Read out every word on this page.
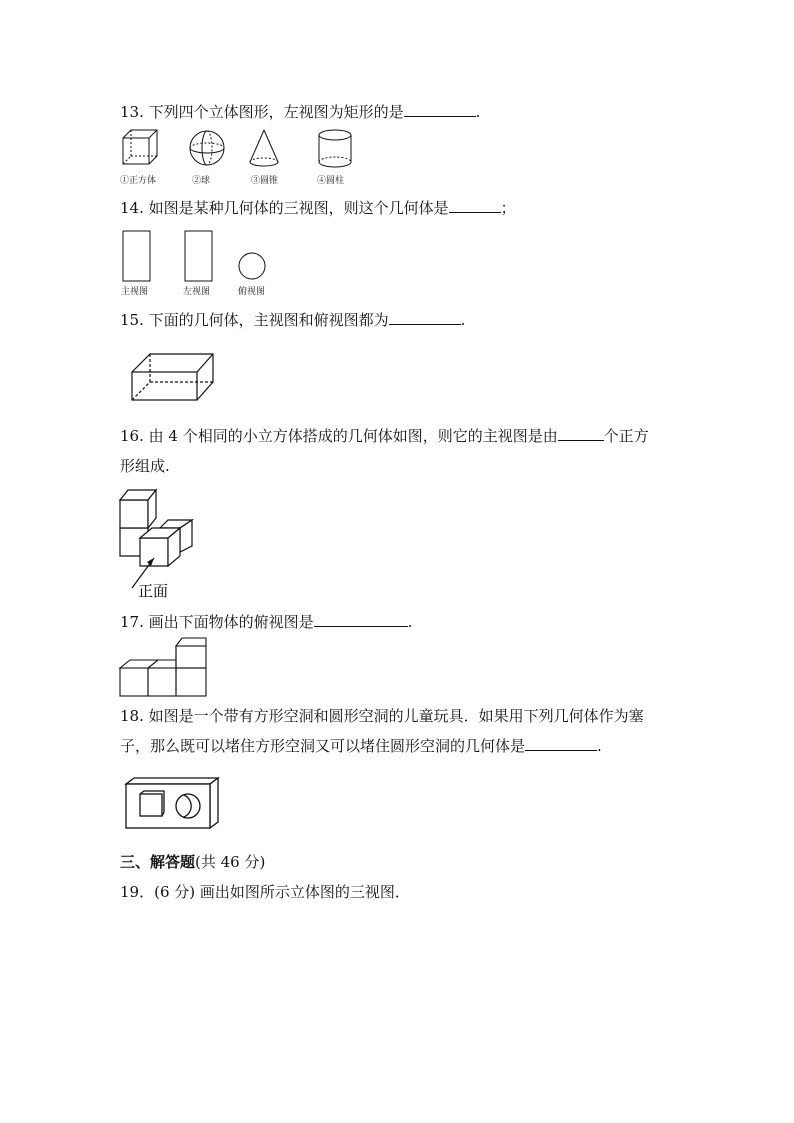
13. 下列四个立体图形，左视图为矩形的是	.
①正方体	②球	③圆锥	④圆柱
14. 如图是某种几何体的三视图，则这个几何体是	；
主视图	左视图	俯视图
15. 下面的几何体，主视图和俯视图都为	.
16. 由 4 个相同的小立方体搭成的几何体如图，则它的主视图是由	个正方
形组成.
正面
17. 画出下面物体的俯视图是	.
18. 如图是一个带有方形空洞和圆形空洞的儿童玩具．如果用下列几何体作为塞
子，那么既可以堵住方形空洞又可以堵住圆形空洞的几何体是	.
三、解答题(共 46 分)
19．(6 分) 画出如图所示立体图的三视图．
